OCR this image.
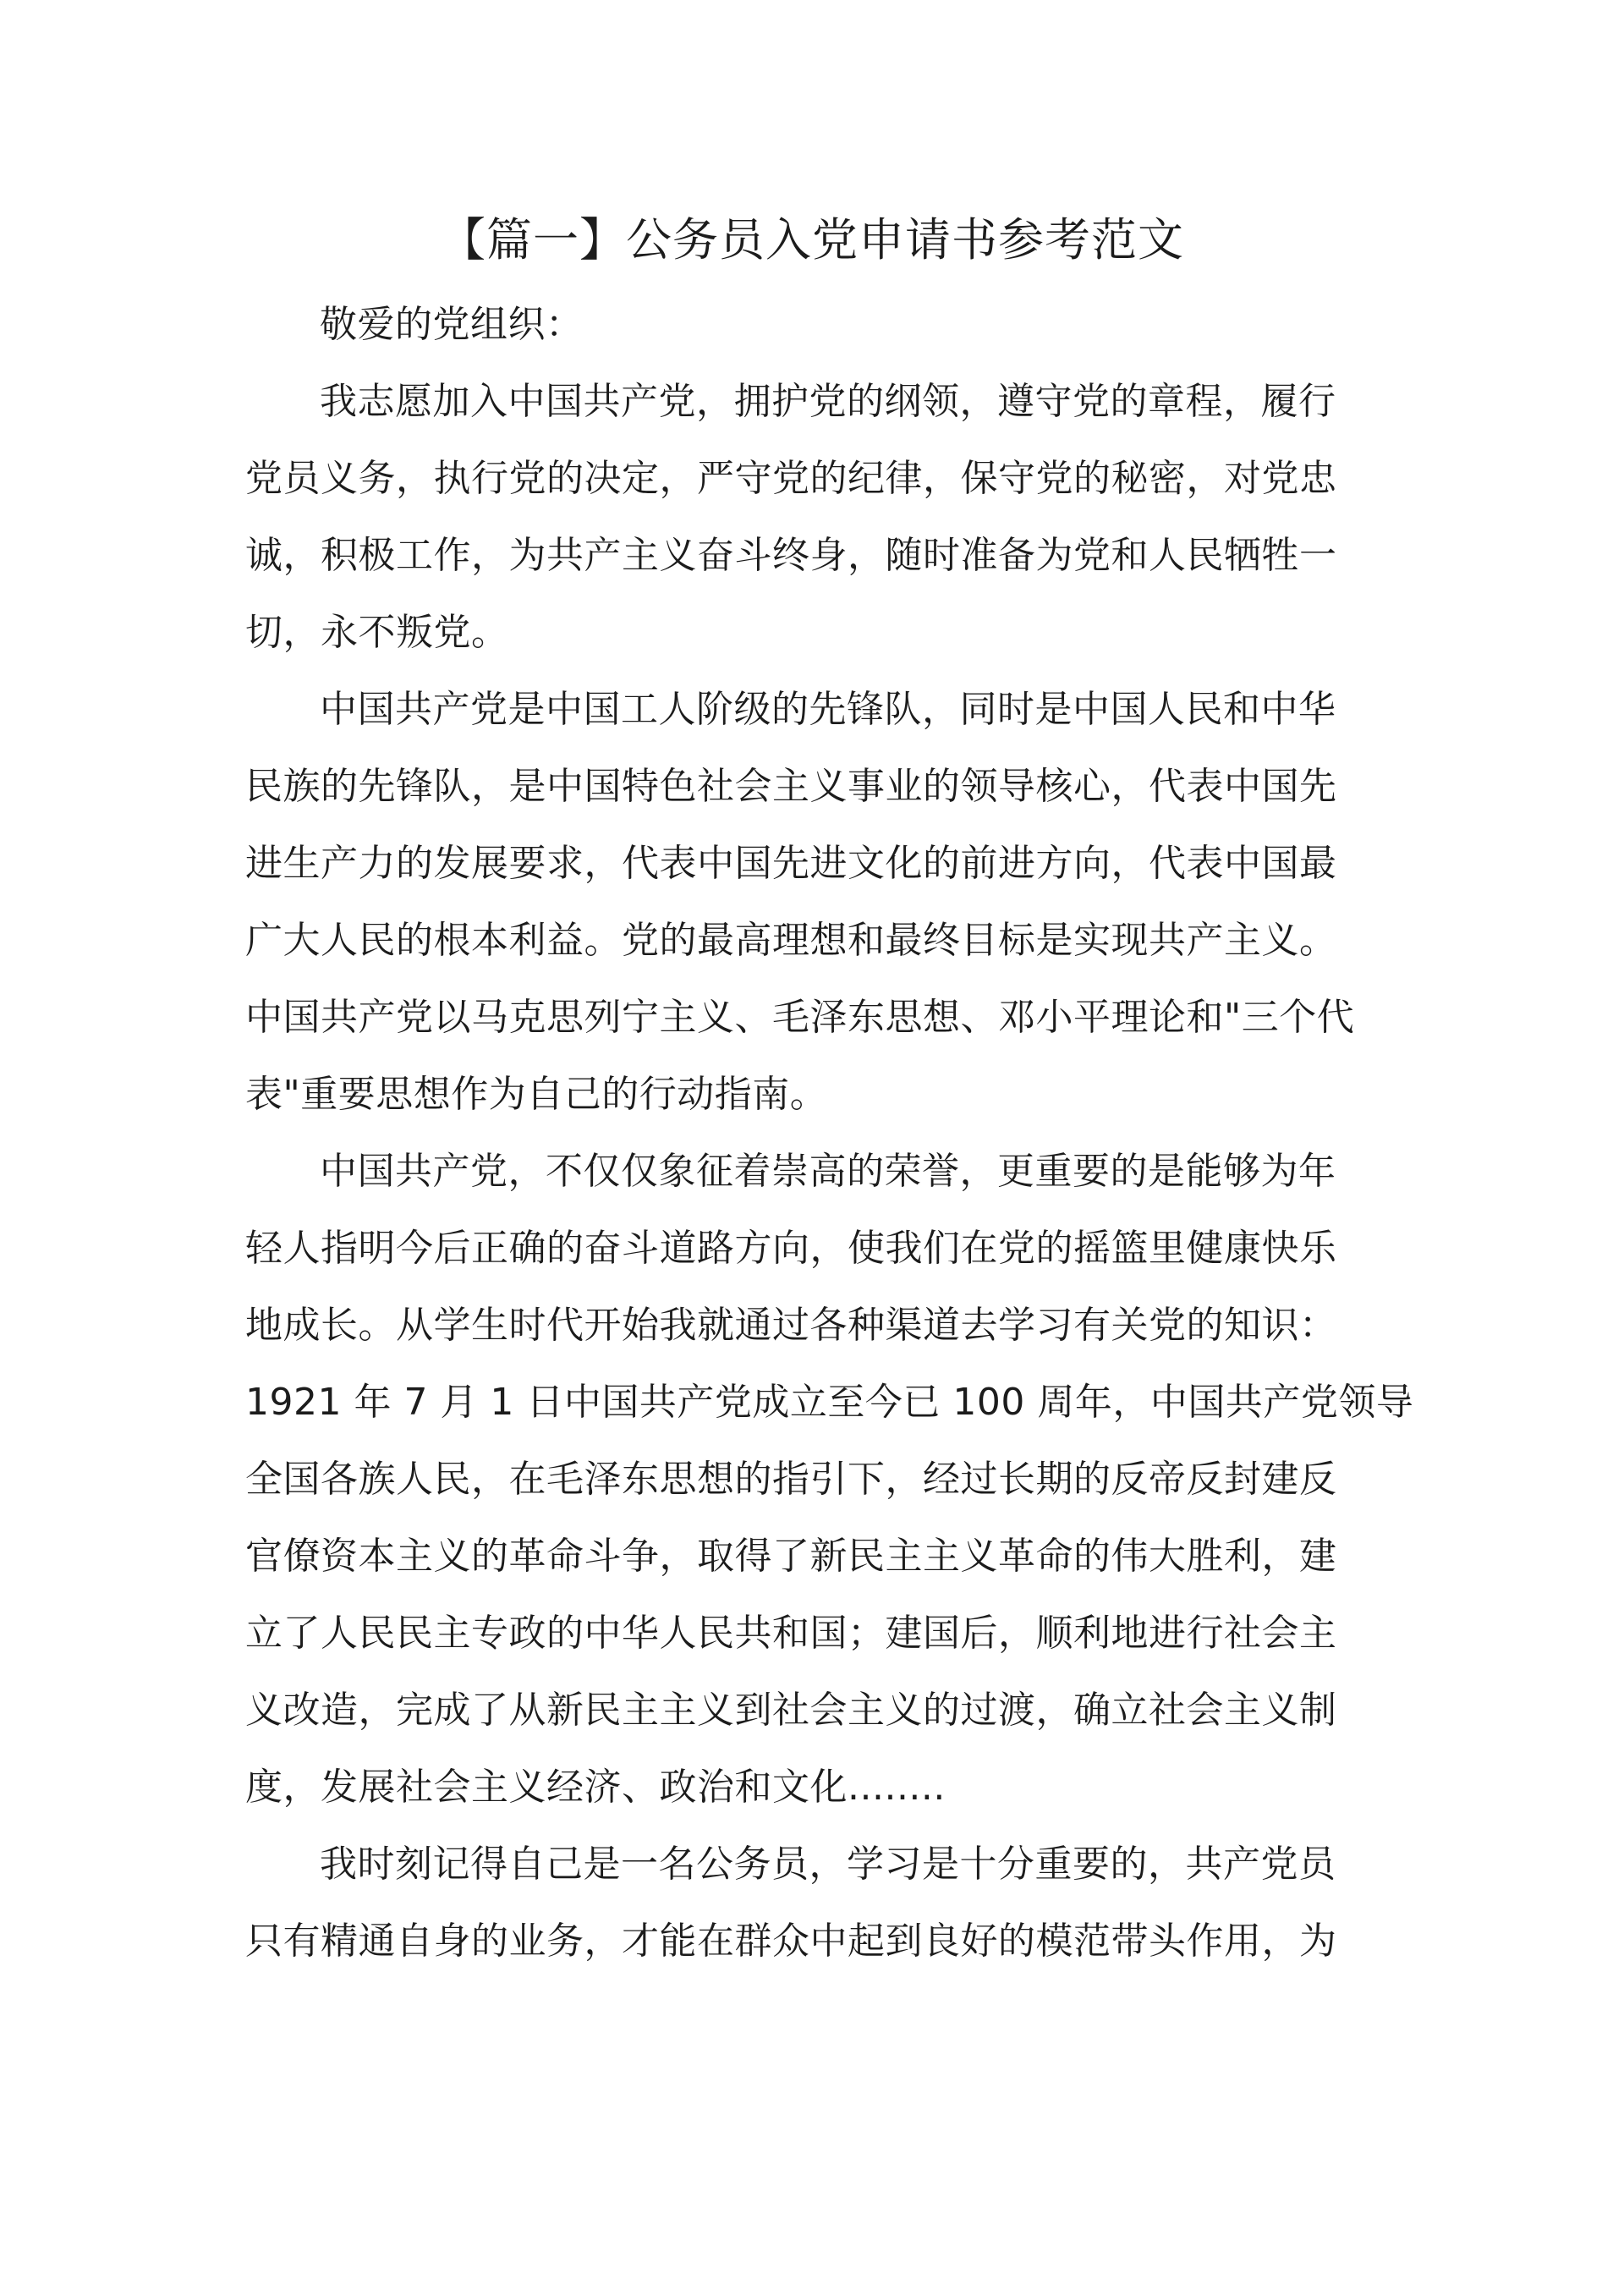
【篇一】公务员入党申请书参考范文
敬爱的党组织：
我志愿加入中国共产党，拥护党的纲领，遵守党的章程，履行
党员义务，执行党的决定，严守党的纪律，保守党的秘密，对党忠
诚，积极工作，为共产主义奋斗终身，随时准备为党和人民牺牲一
切，永不叛党。
中国共产党是中国工人阶级的先锋队，同时是中国人民和中华
民族的先锋队，是中国特色社会主义事业的领导核心，代表中国先
进生产力的发展要求，代表中国先进文化的前进方向，代表中国最
广大人民的根本利益。党的最高理想和最终目标是实现共产主义。
中国共产党以马克思列宁主义、毛泽东思想、邓小平理论和"三个代
表"重要思想作为自己的行动指南。
中国共产党，不仅仅象征着崇高的荣誉，更重要的是能够为年
轻人指明今后正确的奋斗道路方向，使我们在党的摇篮里健康快乐
地成长。从学生时代开始我就通过各种渠道去学习有关党的知识：
1921 年 7 月 1 日中国共产党成立至今已 100 周年，中国共产党领导
全国各族人民，在毛泽东思想的指引下，经过长期的反帝反封建反
官僚资本主义的革命斗争，取得了新民主主义革命的伟大胜利，建
立了人民民主专政的中华人民共和国；建国后，顺利地进行社会主
义改造，完成了从新民主主义到社会主义的过渡，确立社会主义制
度，发展社会主义经济、政治和文化........
我时刻记得自己是一名公务员，学习是十分重要的，共产党员
只有精通自身的业务，才能在群众中起到良好的模范带头作用，为
